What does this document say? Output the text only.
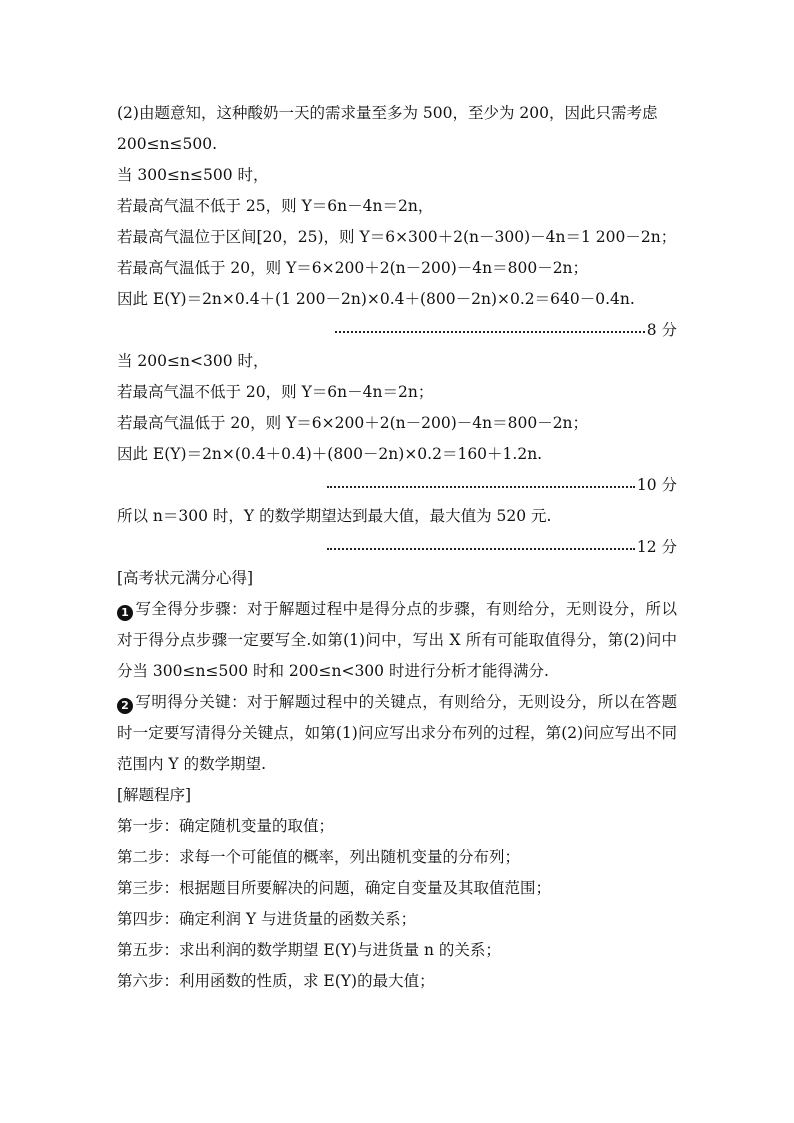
(2)由题意知，这种酸奶一天的需求量至多为 500，至少为 200，因此只需考虑
200≤n≤500.
当 300≤n≤500 时，
若最高气温不低于 25，则 Y＝6n－4n＝2n，
若最高气温位于区间[20，25)，则 Y＝6×300＋2(n－300)－4n＝1 200－2n；
若最高气温低于 20，则 Y＝6×200＋2(n－200)－4n＝800－2n；
因此 E(Y)＝2n×0.4＋(1 200－2n)×0.4＋(800－2n)×0.2＝640－0.4n.
8 分
当 200≤n<300 时，
若最高气温不低于 20，则 Y＝6n－4n＝2n；
若最高气温低于 20，则 Y＝6×200＋2(n－200)－4n＝800－2n；
因此 E(Y)＝2n×(0.4＋0.4)＋(800－2n)×0.2＝160＋1.2n.
10 分
所以 n＝300 时，Y 的数学期望达到最大值，最大值为 520 元.
12 分
[高考状元满分心得]
1 写全得分步骤：对于解题过程中是得分点的步骤，有则给分，无则设分，所以对于得分点步骤一定要写全.如第(1)问中，写出 X 所有可能取值得分，第(2)问中分当 300≤n≤500 时和 200≤n<300 时进行分析才能得满分.
2 写明得分关键：对于解题过程中的关键点，有则给分，无则设分，所以在答题时一定要写清得分关键点，如第(1)问应写出求分布列的过程，第(2)问应写出不同范围内 Y 的数学期望.
[解题程序]
第一步：确定随机变量的取值；
第二步：求每一个可能值的概率，列出随机变量的分布列；
第三步：根据题目所要解决的问题，确定自变量及其取值范围；
第四步：确定利润 Y 与进货量的函数关系；
第五步：求出利润的数学期望 E(Y)与进货量 n 的关系；
第六步：利用函数的性质，求 E(Y)的最大值；
